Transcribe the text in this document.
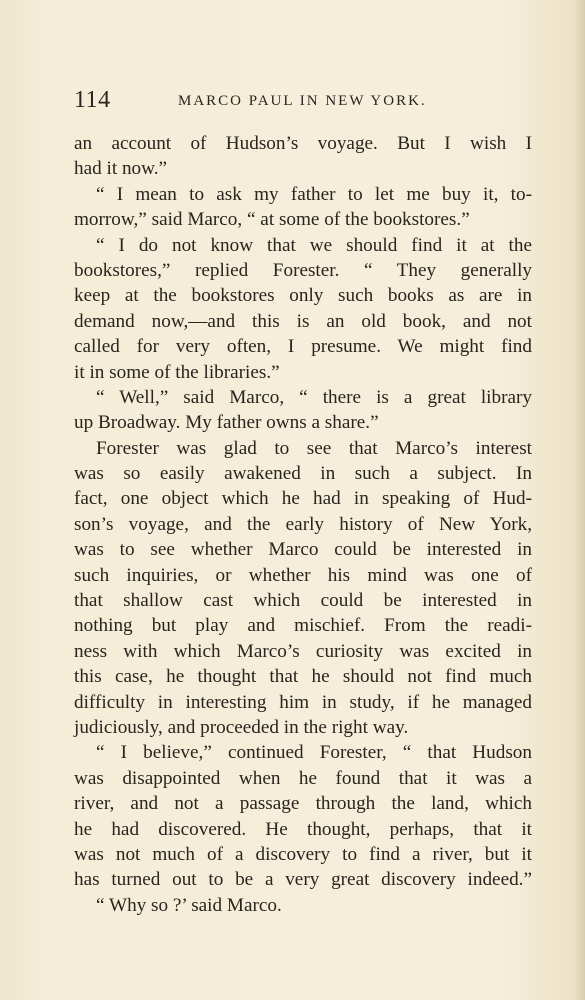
114	MARCO PAUL IN NEW YORK.
an account of Hudson’s voyage. But I wish I
had it now.”
“ I mean to ask my father to let me buy it, to-
morrow,” said Marco, “ at some of the bookstores.”
“ I do not know that we should find it at the
bookstores,” replied Forester. “ They generally
keep at the bookstores only such books as are in
demand now,—and this is an old book, and not
called for very often, I presume. We might find
it in some of the libraries.”
“ Well,” said Marco, “ there is a great library
up Broadway. My father owns a share.”
Forester was glad to see that Marco’s interest
was so easily awakened in such a subject. In
fact, one object which he had in speaking of Hud-
son’s voyage, and the early history of New York,
was to see whether Marco could be interested in
such inquiries, or whether his mind was one of
that shallow cast which could be interested in
nothing but play and mischief. From the readi-
ness with which Marco’s curiosity was excited in
this case, he thought that he should not find much
difficulty in interesting him in study, if he managed
judiciously, and proceeded in the right way.
“ I believe,” continued Forester, “ that Hudson
was disappointed when he found that it was a
river, and not a passage through the land, which
he had discovered. He thought, perhaps, that it
was not much of a discovery to find a river, but it
has turned out to be a very great discovery indeed.”
“ Why so ?’ said Marco.
